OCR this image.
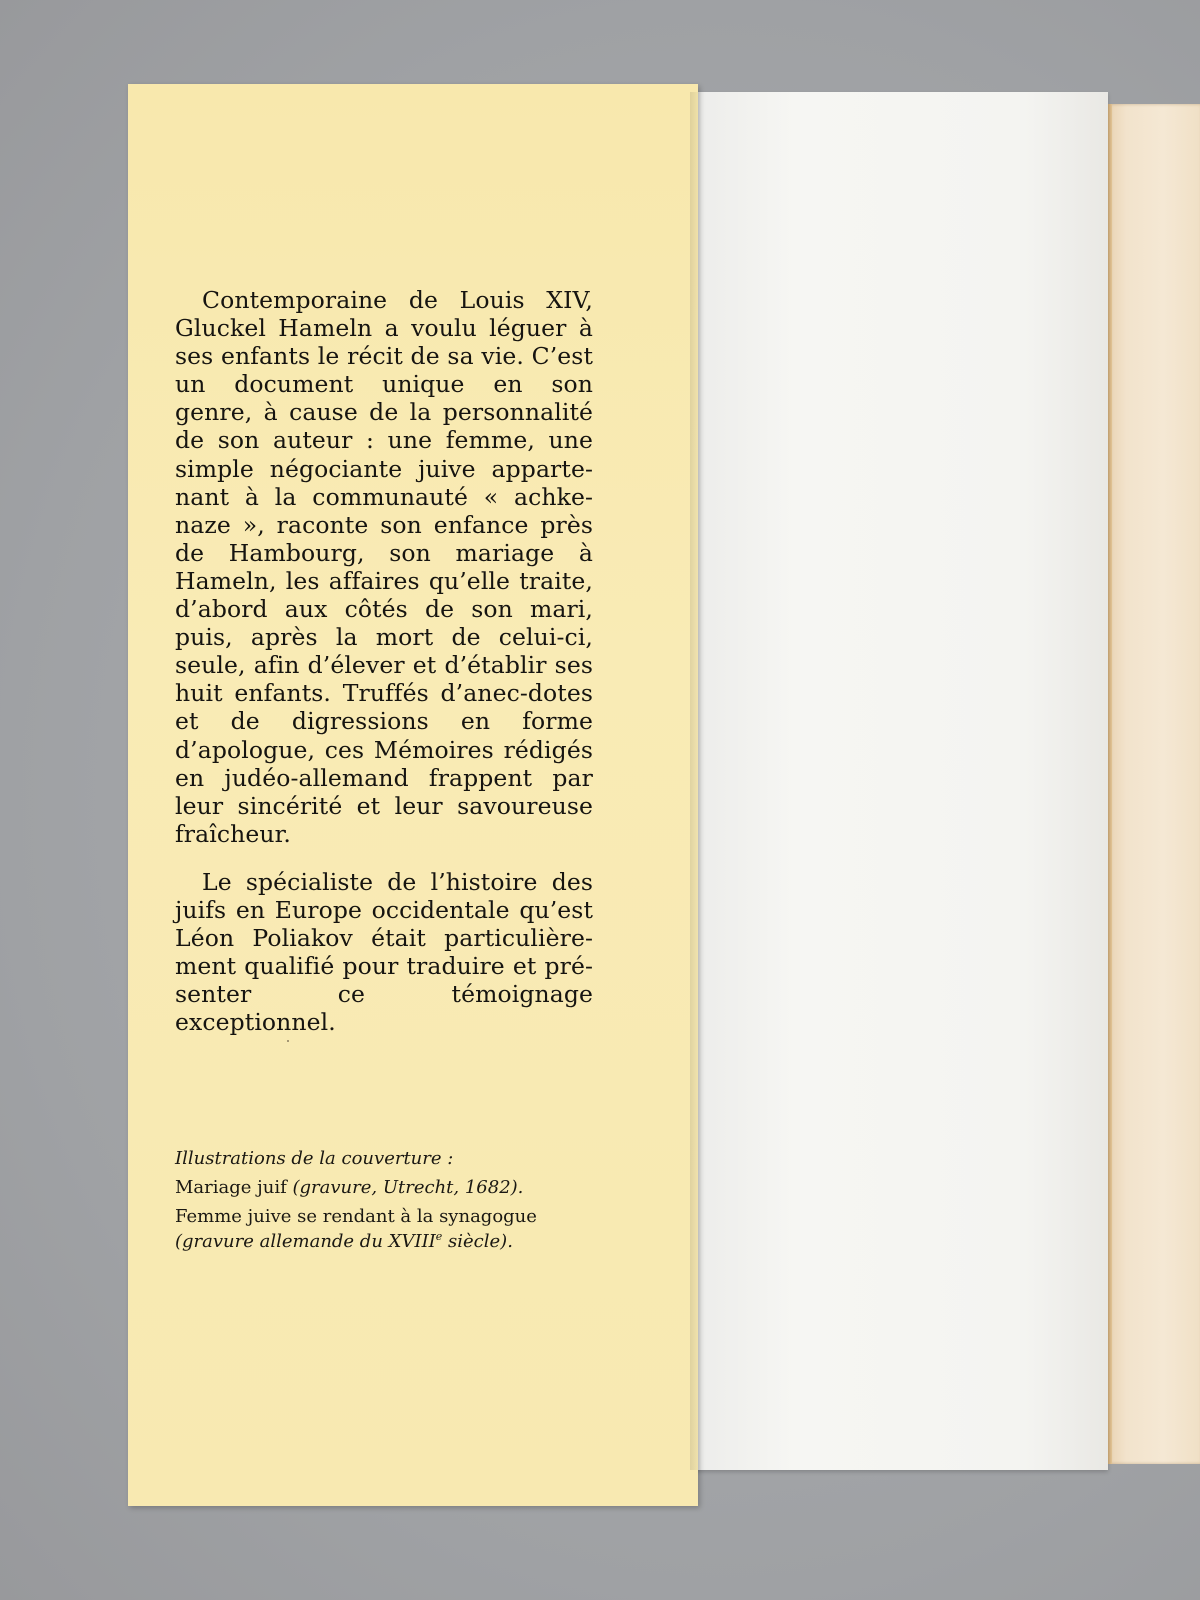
Contemporaine de Louis XIV, Gluckel Hameln a voulu léguer à ses enfants le récit de sa vie. C’est un document unique en son genre, à cause de la personnalité de son auteur : une femme, une simple négociante juive apparte-nant à la communauté « achke-naze », raconte son enfance près de Hambourg, son mariage à Hameln, les affaires qu’elle traite, d’abord aux côtés de son mari, puis, après la mort de celui-ci, seule, afin d’élever et d’établir ses huit enfants. Truffés d’anec-dotes et de digressions en forme d’apologue, ces Mémoires rédigés en judéo-allemand frappent par leur sincérité et leur savoureuse fraîcheur.

Le spécialiste de l’histoire des juifs en Europe occidentale qu’est Léon Poliakov était particulière-ment qualifié pour traduire et pré-senter ce témoignage exceptionnel.

Illustrations de la couverture :
Mariage juif (gravure, Utrecht, 1682).
Femme juive se rendant à la synagogue
(gravure allemande du XVIIIe siècle).
